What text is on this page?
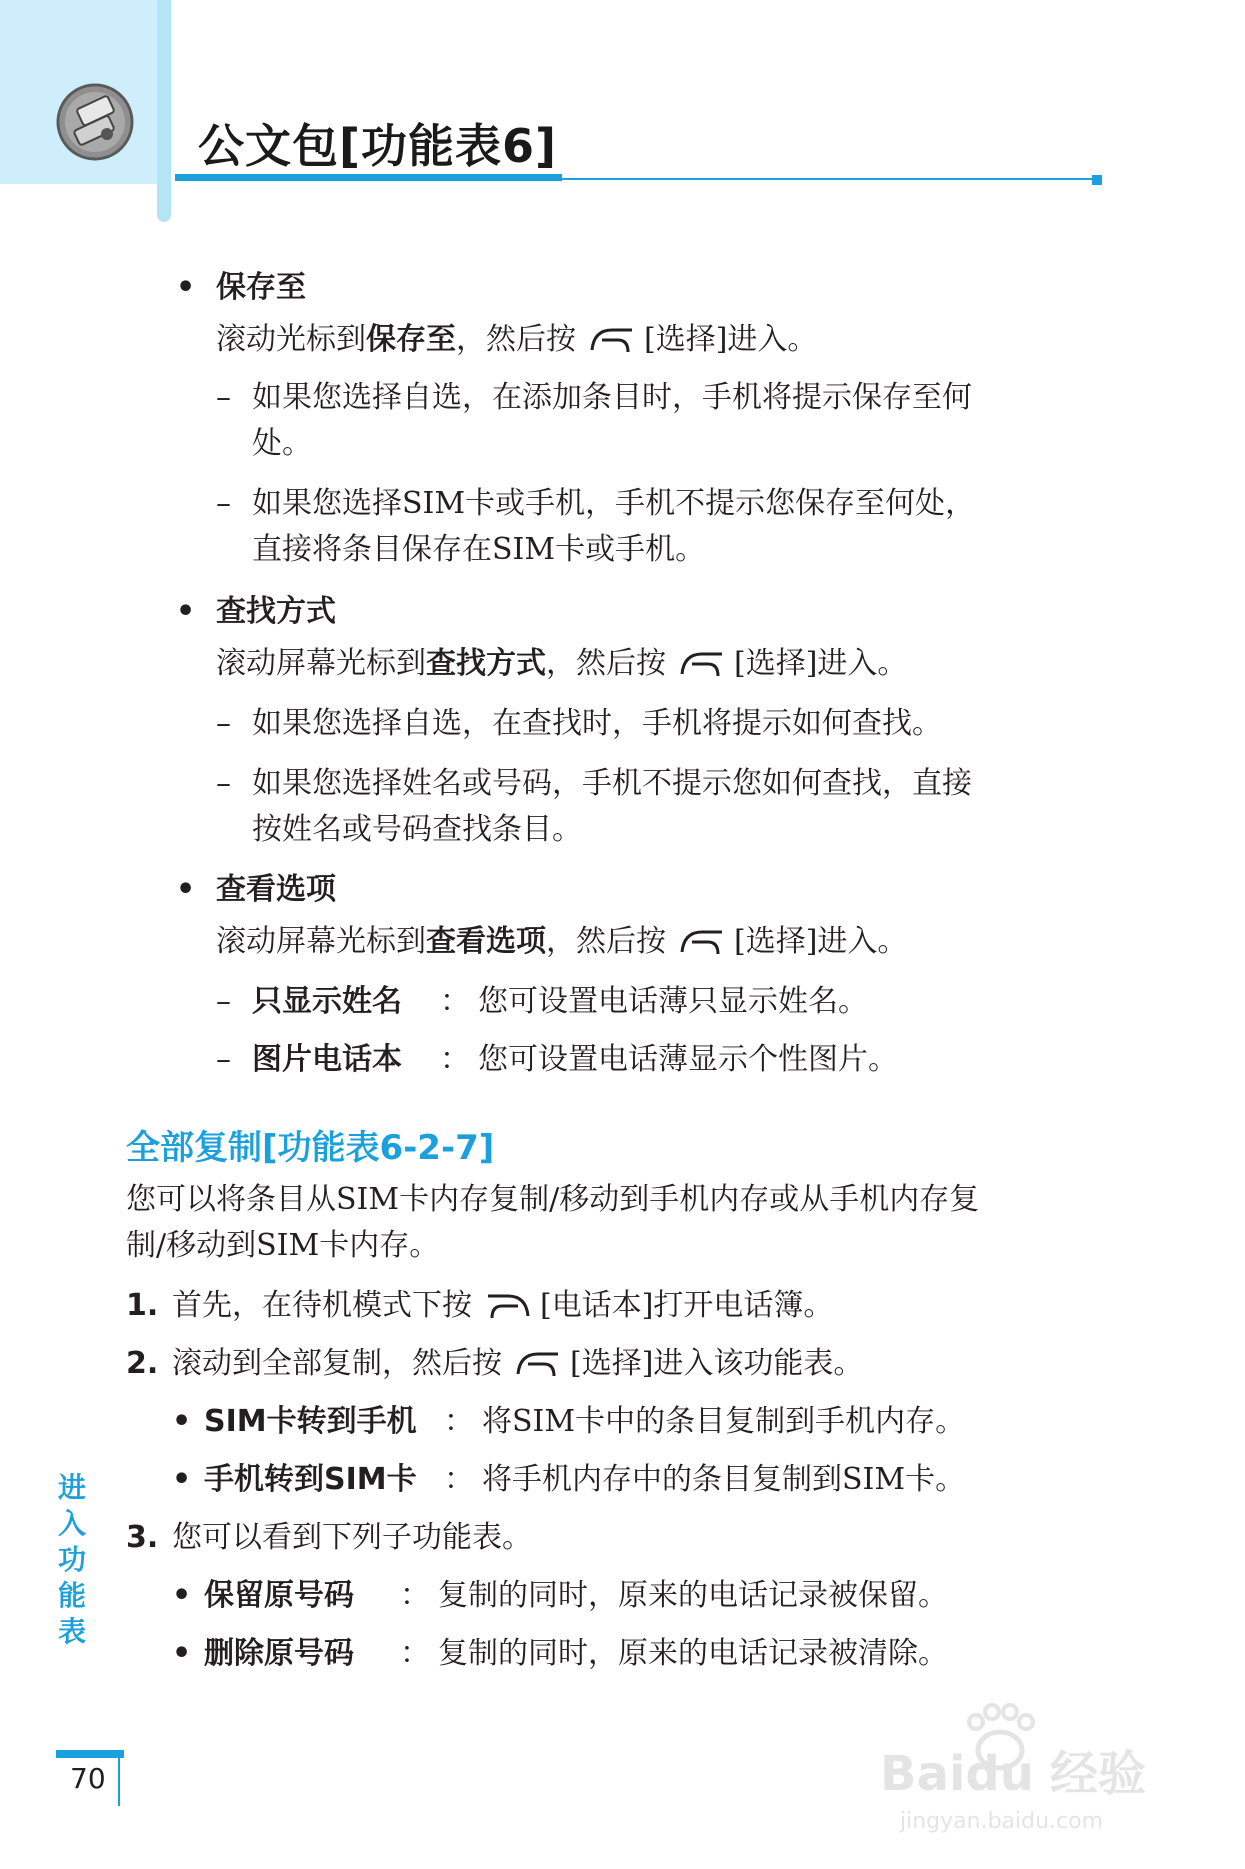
公文包[功能表6]
• 保存至
滚动光标到保存至，然后按 [选择]进入。
– 如果您选择自选，在添加条目时，手机将提示保存至何
处。
– 如果您选择SIM卡或手机，手机不提示您保存至何处，
直接将条目保存在SIM卡或手机。
• 查找方式
滚动屏幕光标到查找方式，然后按 [选择]进入。
– 如果您选择自选，在查找时，手机将提示如何查找。
– 如果您选择姓名或号码，手机不提示您如何查找，直接
按姓名或号码查找条目。
• 查看选项
滚动屏幕光标到查看选项，然后按 [选择]进入。
– 只显示姓名 ： 您可设置电话薄只显示姓名。
– 图片电话本 ： 您可设置电话薄显示个性图片。
全部复制[功能表6-2-7]
您可以将条目从SIM卡内存复制/移动到手机内存或从手机内存复
制/移动到SIM卡内存。
1. 首先，在待机模式下按 [电话本]打开电话簿。
2. 滚动到全部复制，然后按 [选择]进入该功能表。
• SIM卡转到手机 ： 将SIM卡中的条目复制到手机内存。
• 手机转到SIM卡 ： 将手机内存中的条目复制到SIM卡。
3. 您可以看到下列子功能表。
• 保留原号码 ： 复制的同时，原来的电话记录被保留。
• 删除原号码 ： 复制的同时，原来的电话记录被清除。
进入功能表
70	Baidu 经验
jingyan.baidu.com
